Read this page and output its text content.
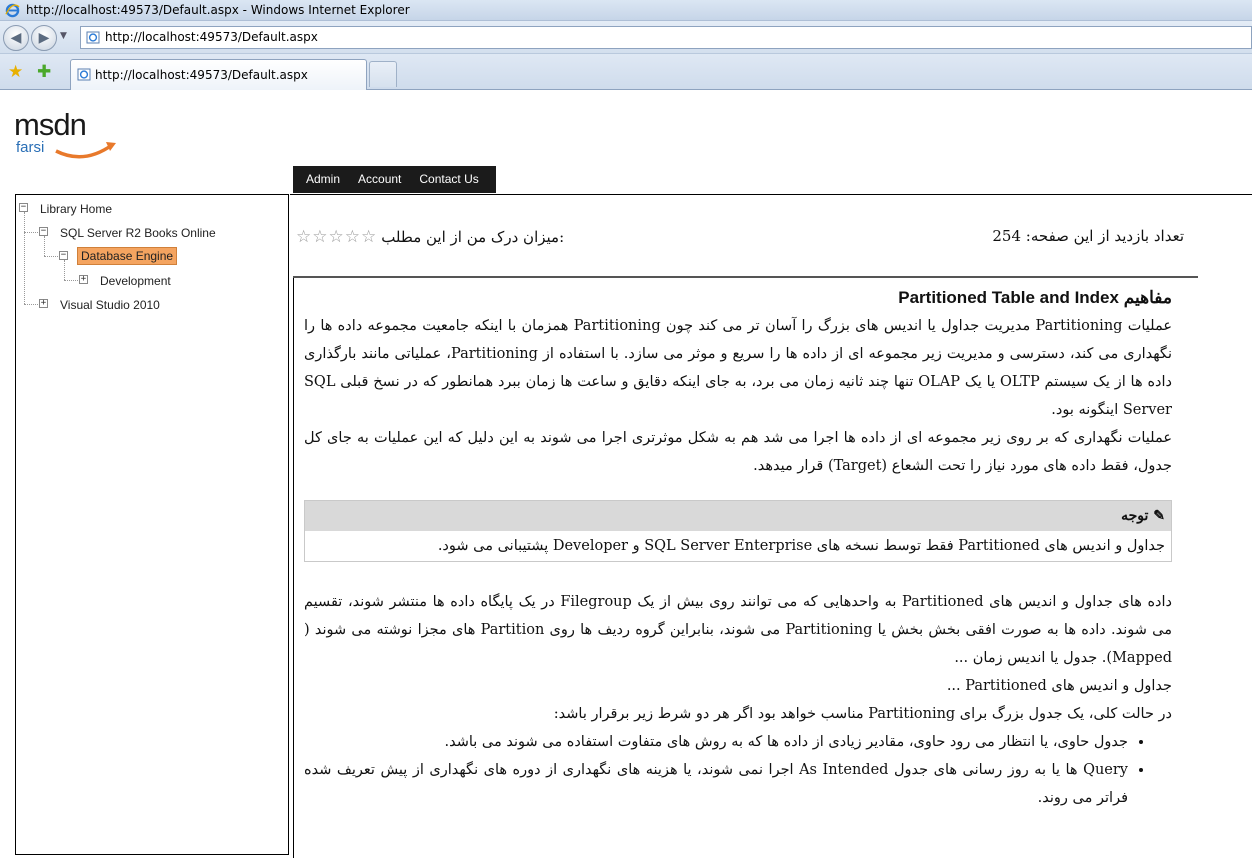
http://localhost:49573/Default.aspx - Windows Internet Explorer
◀	▶	▼	http://localhost:49573/Default.aspx
★ ✚	http://localhost:49573/Default.aspx
msdn
farsi
Admin	Account	Contact Us
− Library Home
− SQL Server R2 Books Online
−	Database Engine
+ Development
+ Visual Studio 2010
تعداد بازدید از این صفحه: 254
☆☆☆☆☆ میزان درک من از این مطلب:
مفاهیم Partitioned Table and Index

عملیات Partitioning مدیریت جداول یا اندیس های بزرگ را آسان تر می کند چون Partitioning همزمان با اینکه جامعیت مجموعه داده ها را نگهداری می کند، دسترسی و مدیریت زیر مجموعه ای از داده ها را سریع و موثر می سازد. با استفاده از Partitioning، عملیاتی مانند بارگذاری داده ها از یک سیستم OLTP یا یک OLAP تنها چند ثانیه زمان می برد، به جای اینکه دقایق و ساعت ها زمان ببرد همانطور که در نسخ قبلی SQL Server اینگونه بود.

عملیات نگهداری که بر روی زیر مجموعه ای از داده ها اجرا می شد هم به شکل موثرتری اجرا می شوند به این دلیل که این عملیات به جای کل جدول، فقط داده های مورد نیاز را تحت الشعاع (Target) قرار میدهد.

✎ توجه
جداول و اندیس های Partitioned فقط توسط نسخه های SQL Server Enterprise و Developer پشتیبانی می شود.

داده های جداول و اندیس های Partitioned به واحدهایی که می توانند روی بیش از یک Filegroup در یک پایگاه داده ها منتشر شوند، تقسیم می شوند. داده ها به صورت افقی بخش بخش یا Partitioning می شوند، بنابراین گروه ردیف ها روی Partition های مجزا نوشته می شوند ( Mapped). جدول یا اندیس زمان ...

جداول و اندیس های Partitioned ...

در حالت کلی، یک جدول بزرگ برای Partitioning مناسب خواهد بود اگر هر دو شرط زیر برقرار باشد:

• جدول حاوی، یا انتظار می رود حاوی، مقادیر زیادی از داده ها که به روش های متفاوت استفاده می شوند می باشد.
• Query ها یا به روز رسانی های جدول As Intended اجرا نمی شوند، یا هزینه های نگهداری از دوره های نگهداری از پیش تعریف شده فراتر می روند.
